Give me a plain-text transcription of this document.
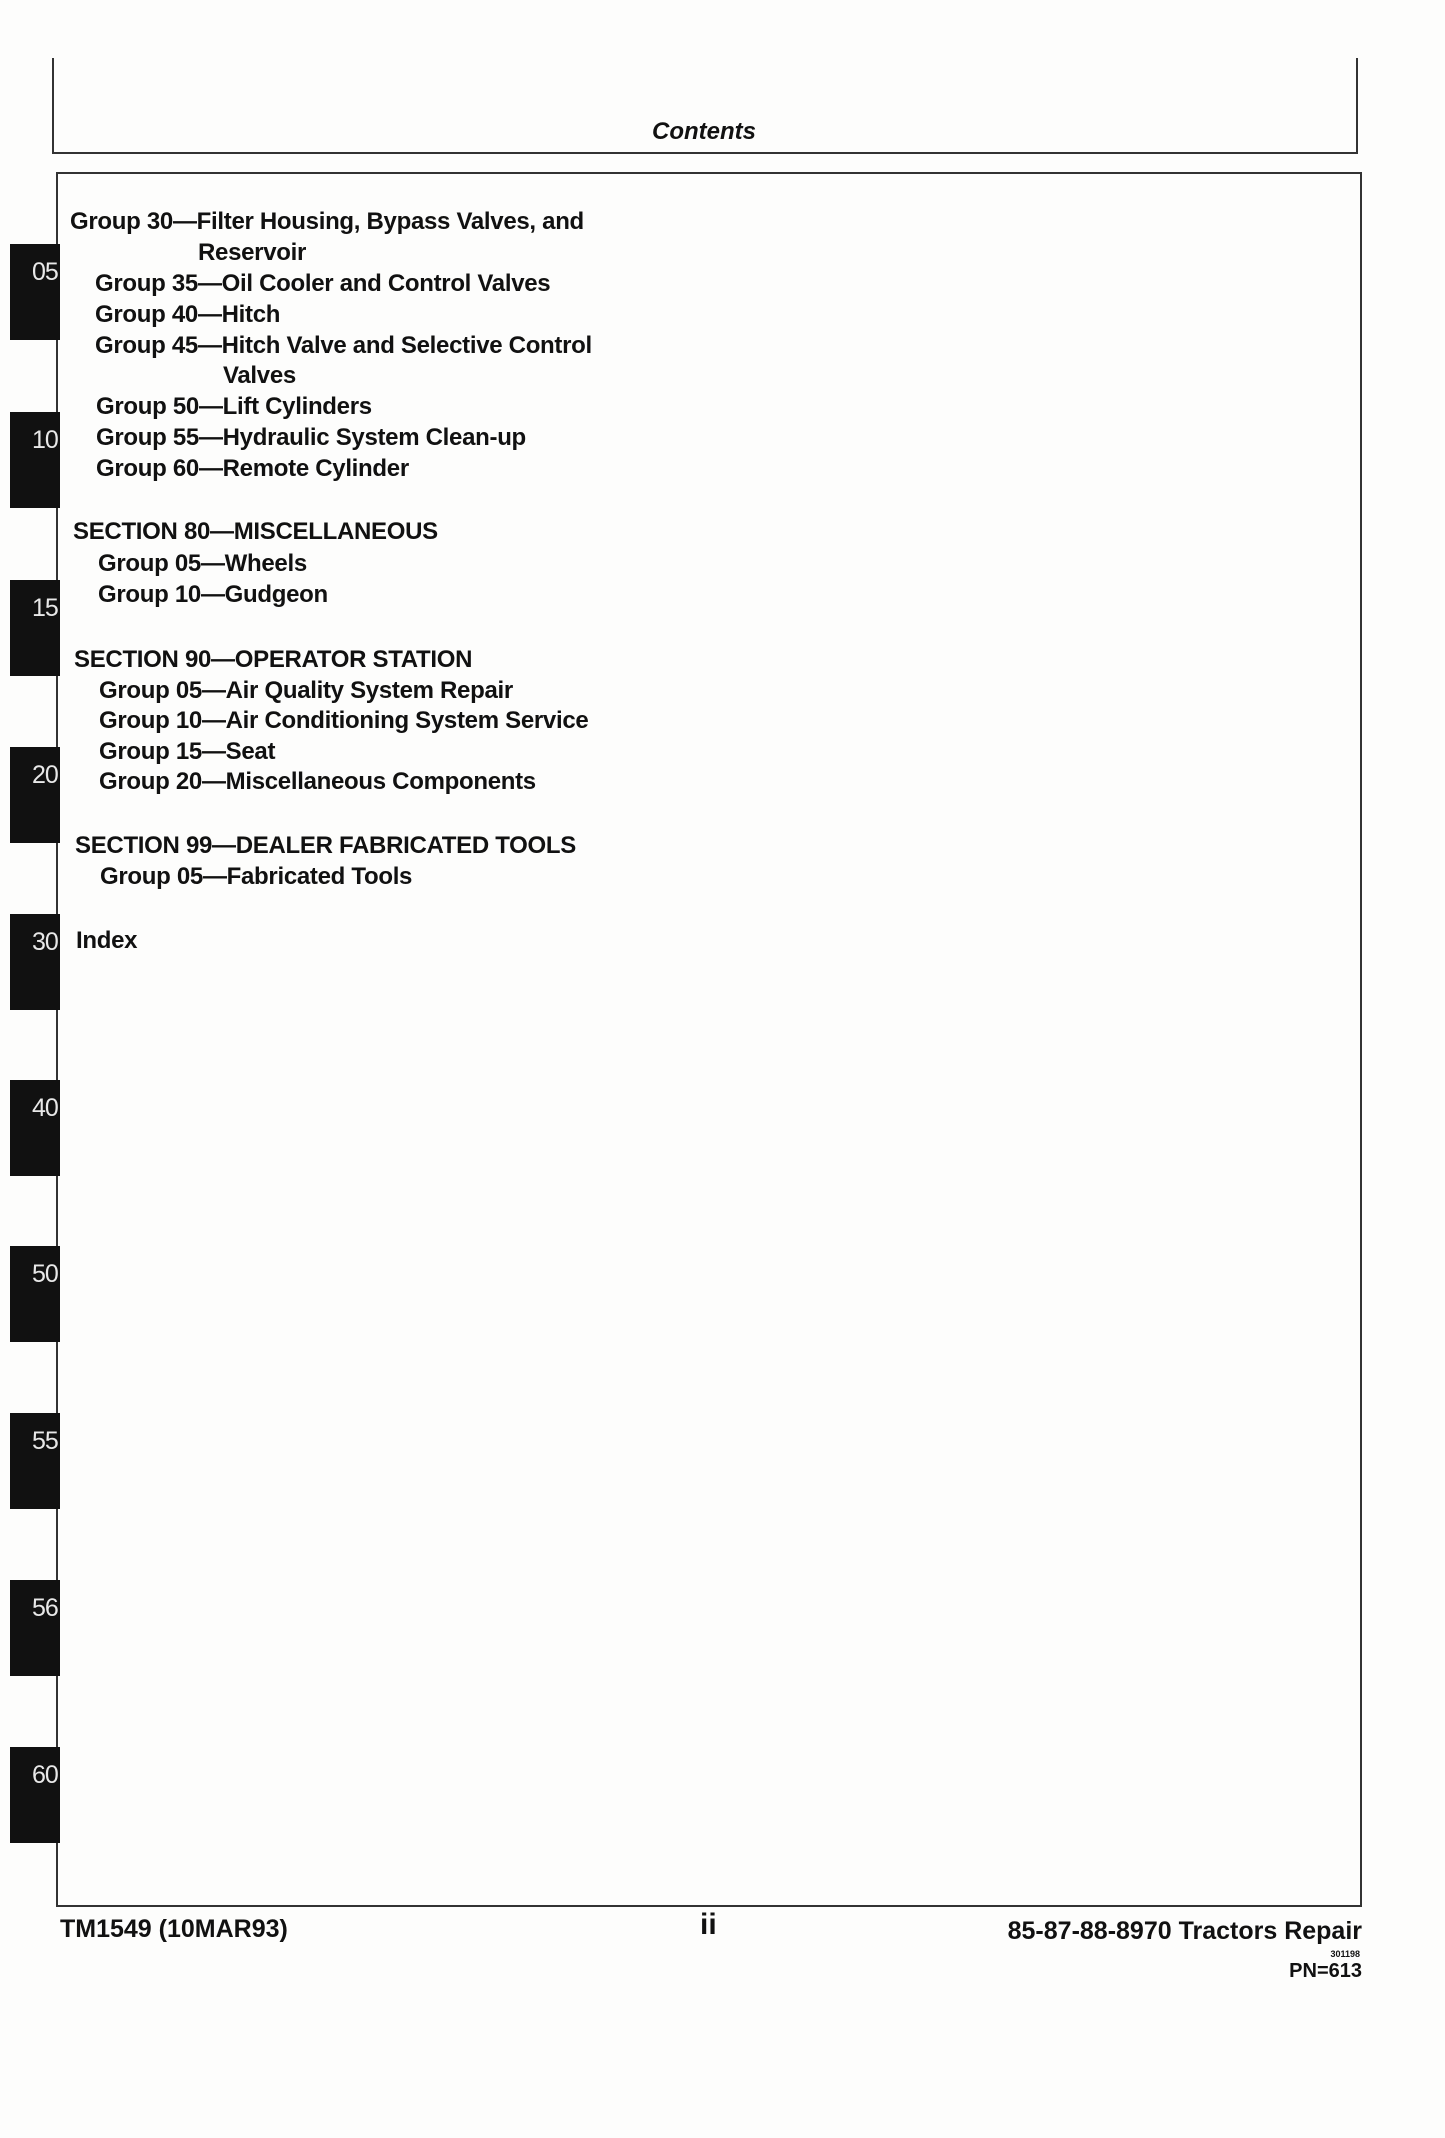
Contents
05
10
15
20
30
40
50
55
56
60
Group 30—Filter Housing, Bypass Valves, and
Reservoir
Group 35—Oil Cooler and Control Valves
Group 40—Hitch
Group 45—Hitch Valve and Selective Control
Valves
Group 50—Lift Cylinders
Group 55—Hydraulic System Clean-up
Group 60—Remote Cylinder
SECTION 80—MISCELLANEOUS
Group 05—Wheels
Group 10—Gudgeon
SECTION 90—OPERATOR STATION
Group 05—Air Quality System Repair
Group 10—Air Conditioning System Service
Group 15—Seat
Group 20—Miscellaneous Components
SECTION 99—DEALER FABRICATED TOOLS
Group 05—Fabricated Tools
Index
TM1549 (10MAR93)	ii	85-87-88-8970 Tractors Repair
301198
PN=613
